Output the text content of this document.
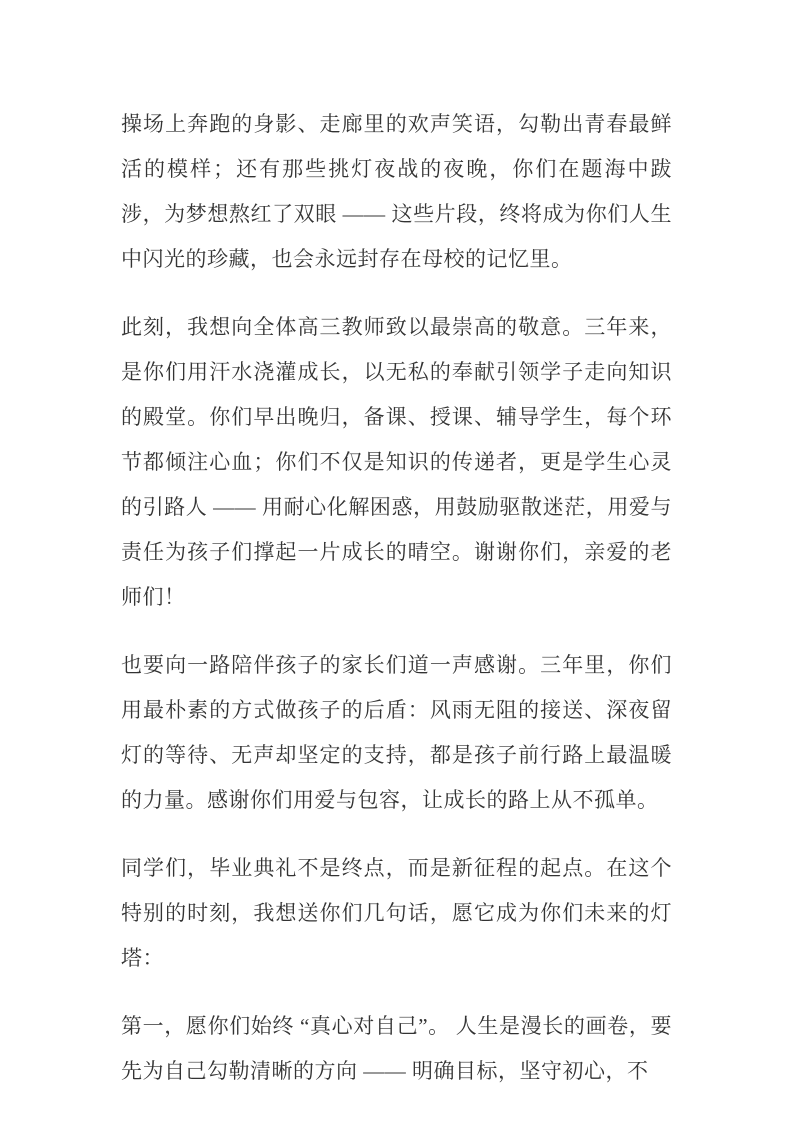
操场上奔跑的身影、走廊里的欢声笑语，勾勒出青春最鲜活的模样；还有那些挑灯夜战的夜晚，你们在题海中跋涉，为梦想熬红了双眼 —— 这些片段，终将成为你们人生中闪光的珍藏，也会永远封存在母校的记忆里。

此刻，我想向全体高三教师致以最崇高的敬意。三年来，是你们用汗水浇灌成长，以无私的奉献引领学子走向知识的殿堂。你们早出晚归，备课、授课、辅导学生，每个环节都倾注心血；你们不仅是知识的传递者，更是学生心灵的引路人 —— 用耐心化解困惑，用鼓励驱散迷茫，用爱与责任为孩子们撑起一片成长的晴空。谢谢你们，亲爱的老师们！

也要向一路陪伴孩子的家长们道一声感谢。三年里，你们用最朴素的方式做孩子的后盾：风雨无阻的接送、深夜留灯的等待、无声却坚定的支持，都是孩子前行路上最温暖的力量。感谢你们用爱与包容，让成长的路上从不孤单。

同学们，毕业典礼不是终点，而是新征程的起点。在这个特别的时刻，我想送你们几句话，愿它成为你们未来的灯塔：

第一，愿你们始终 “真心对自己”。 人生是漫长的画卷，要先为自己勾勒清晰的方向 —— 明确目标，坚守初心，不
